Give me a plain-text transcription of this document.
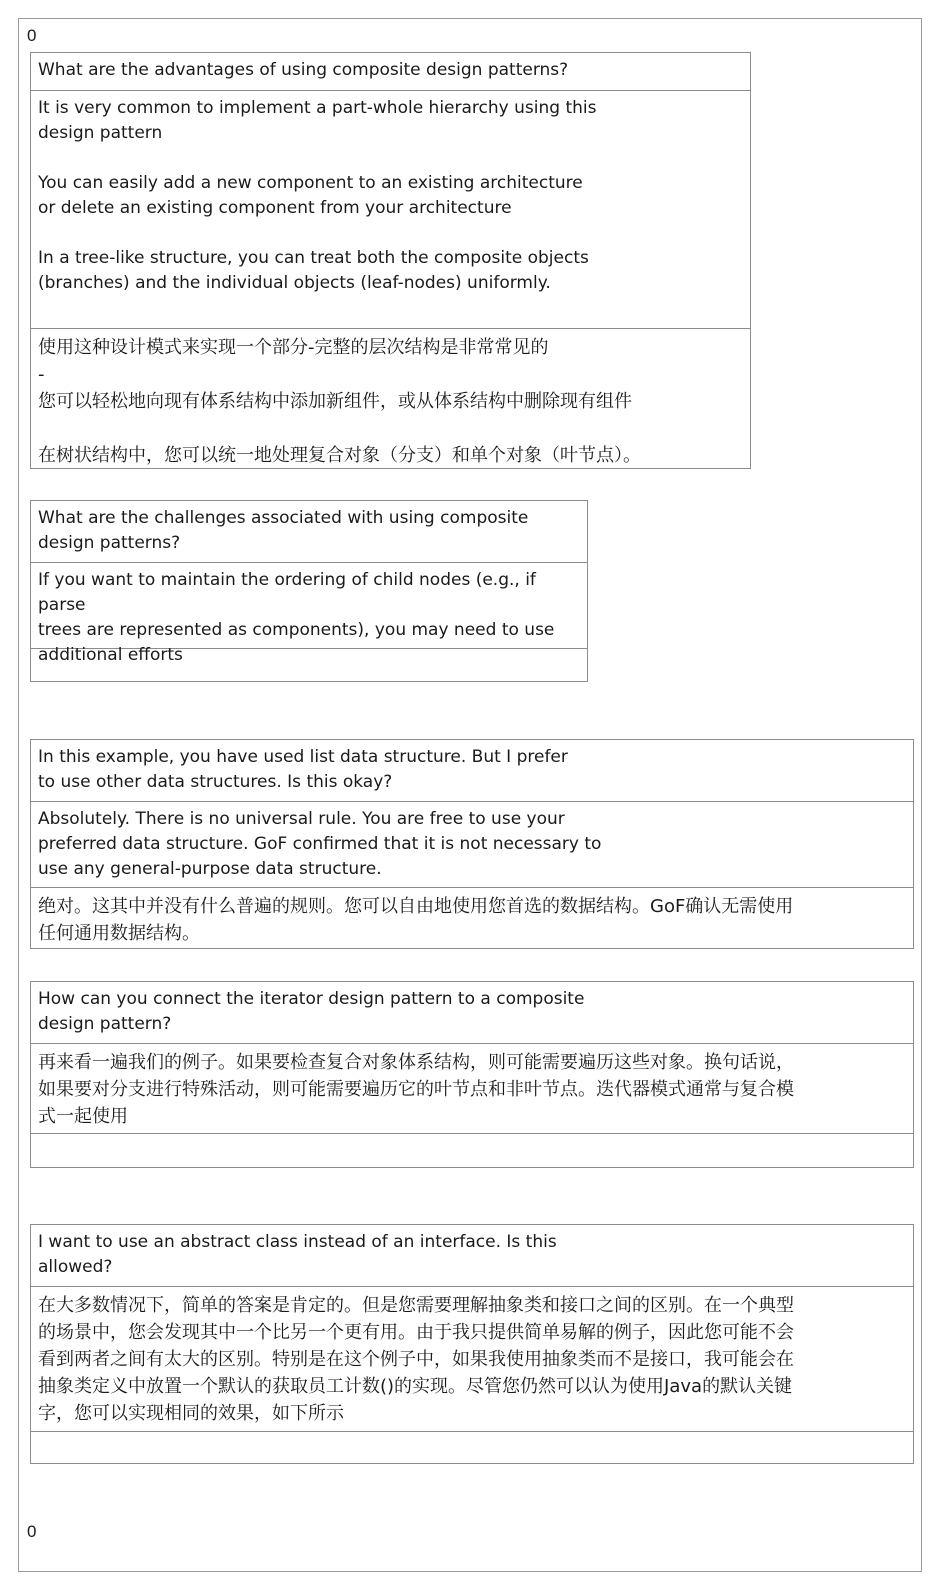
0
What are the advantages of using composite design patterns?
It is very common to implement a part-whole hierarchy using this
design pattern

You can easily add a new component to an existing architecture
or delete an existing component from your architecture

In a tree-like structure, you can treat both the composite objects
(branches) and the individual objects (leaf-nodes) uniformly.
使用这种设计模式来实现一个部分-完整的层次结构是非常常见的
-
您可以轻松地向现有体系结构中添加新组件，或从体系结构中删除现有组件

在树状结构中，您可以统一地处理复合对象（分支）和单个对象（叶节点）。
What are the challenges associated with using composite
design patterns?
If you want to maintain the ordering of child nodes (e.g., if parse
trees are represented as components), you may need to use
additional efforts
In this example, you have used list data structure. But I prefer
to use other data structures. Is this okay?
Absolutely. There is no universal rule. You are free to use your
preferred data structure. GoF confirmed that it is not necessary to
use any general-purpose data structure.
绝对。这其中并没有什么普遍的规则。您可以自由地使用您首选的数据结构。GoF确认无需使用
任何通用数据结构。
How can you connect the iterator design pattern to a composite
design pattern?
再来看一遍我们的例子。如果要检查复合对象体系结构，则可能需要遍历这些对象。换句话说，
如果要对分支进行特殊活动，则可能需要遍历它的叶节点和非叶节点。迭代器模式通常与复合模
式一起使用
I want to use an abstract class instead of an interface. Is this
allowed?
在大多数情况下，简单的答案是肯定的。但是您需要理解抽象类和接口之间的区别。在一个典型
的场景中，您会发现其中一个比另一个更有用。由于我只提供简单易解的例子，因此您可能不会
看到两者之间有太大的区别。特别是在这个例子中，如果我使用抽象类而不是接口，我可能会在
抽象类定义中放置一个默认的获取员工计数()的实现。尽管您仍然可以认为使用Java的默认关键
字，您可以实现相同的效果，如下所示
0
